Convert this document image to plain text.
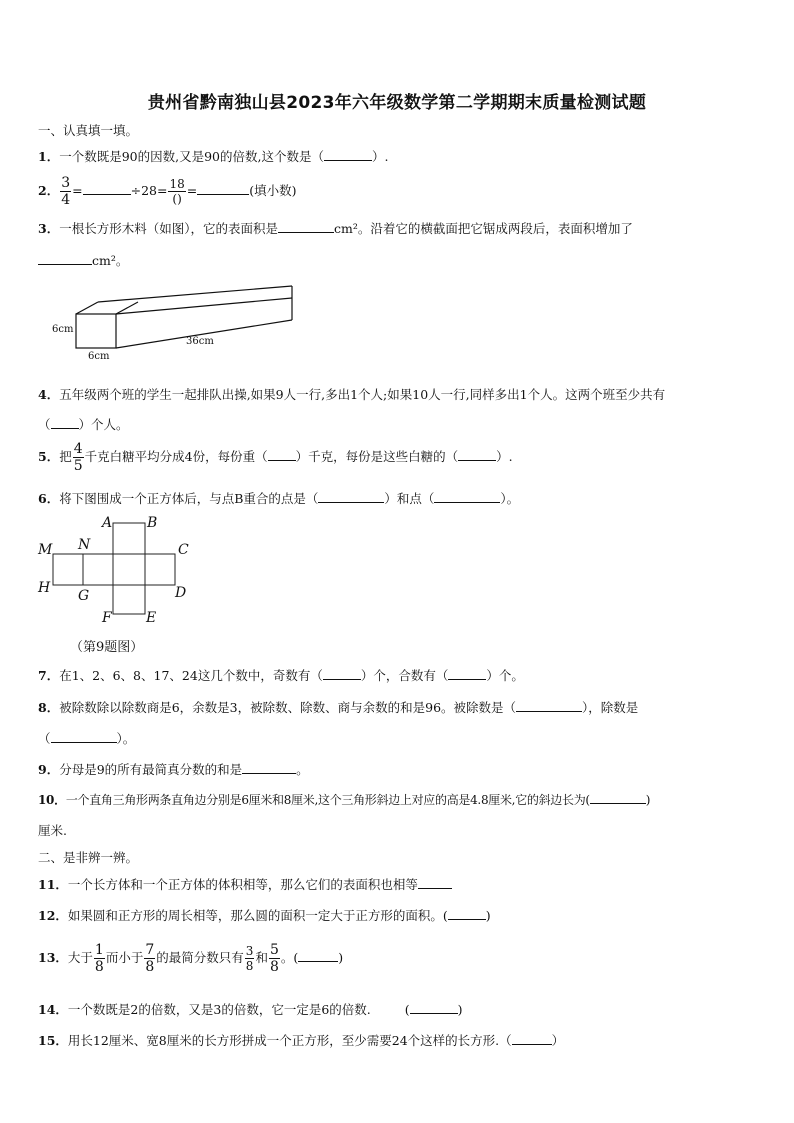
贵州省黔南独山县2023年六年级数学第二学期期末质量检测试题
一、认真填一填。
1．一个数既是90的因数,又是90的倍数,这个数是（	）.
2． $\frac{3}{4}$ =	$\div 28= \frac{18}{()}$ =	(填小数)
3．一根长方形木料（如图），它的表面积是	cm²。沿着它的横截面把它锯成两段后，表面积增加了
cm²。
6cm
6cm
36cm
4．五年级两个班的学生一起排队出操,如果9人一行,多出1个人;如果10人一行,同样多出1个人。这两个班至少共有
（ ）个人。
5．把 $\frac{4}{5}$ 千克白糖平均分成4份，每份重（ ）千克，每份是这些白糖的（	）.
6．将下图围成一个正方体后，与点B重合的点是（	）和点（	）。
A B
M N	C
H G	D
F E
（第9题图）
7．在1、2、6、8、17、24这几个数中，奇数有（	）个，合数有（	）个。
8．被除数除以除数商是6，余数是3，被除数、除数、商与余数的和是96。被除数是（	），除数是
（	）。
9．分母是9的所有最简真分数的和是	。
10．一个直角三角形两条直角边分别是6厘米和8厘米,这个三角形斜边上对应的高是4.8厘米,它的斜边长为(	)
厘米.
二、是非辨一辨。
11．一个长方体和一个正方体的体积相等，那么它们的表面积也相等
12．如果圆和正方形的周长相等，那么圆的面积一定大于正方形的面积。(	)
13．大于 $\frac{1}{8}$ 而小于 $\frac{7}{8}$ 的最简分数只有 $\frac{3}{8}$ 和 $\frac{5}{8}$ 。(	)
14．一个数既是2的倍数，又是3的倍数，它一定是6的倍数.	(	)
15．用长12厘米、宽8厘米的长方形拼成一个正方形，至少需要24个这样的长方形.（	）
